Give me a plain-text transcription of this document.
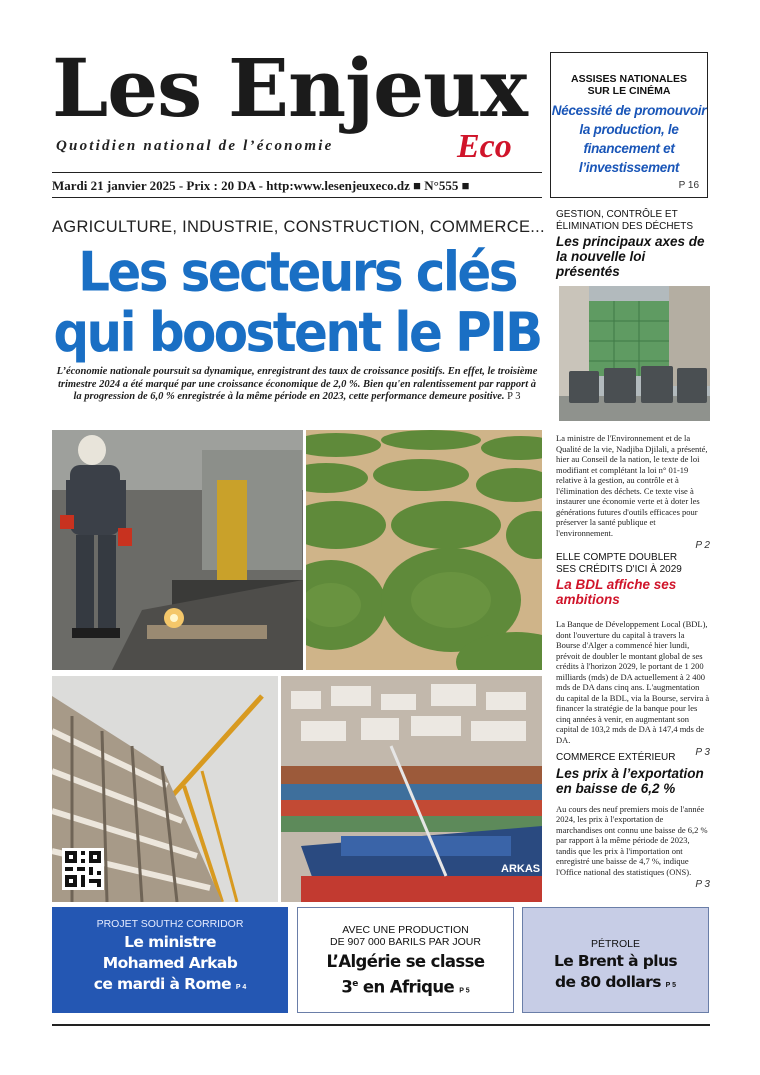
Les Enjeux
Quotidien national de l’économie	Eco
Mardi 21 janvier 2025 - Prix : 20 DA - http:www.lesenjeuxeco.dz ■ N°555 ■
ASSISES NATIONALES
SUR LE CINÉMA
Nécessité de promouvoir la production, le financement et l’investissement
P 16
AGRICULTURE, INDUSTRIE, CONSTRUCTION, COMMERCE...
Les secteurs clés
qui boostent le PIB
L’économie nationale poursuit sa dynamique, enregistrant des taux de croissance positifs. En effet, le troisième trimestre 2024 a été marqué par une croissance économique de 2,0 %. Bien qu'en ralentissement par rapport à la progression de 6,0 % enregistrée à la même période en 2023, cette performance demeure positive. P 3
ARKAS
GESTION, CONTRÔLE ET
ÉLIMINATION DES DÉCHETS
Les principaux axes de la nouvelle loi présentés
La ministre de l'Environnement et de la Qualité de la vie, Nadjiba Djilali, a présenté, hier au Conseil de la nation, le texte de loi modifiant et complétant la loi n° 01-19 relative à la gestion, au contrôle et à l'élimination des déchets. Ce texte vise à instaurer une économie verte et à doter les générations futures d'outils efficaces pour préserver la santé publique et l'environnement.
P 2
ELLE COMPTE DOUBLER
SES CRÉDITS D'ICI À 2029
La BDL affiche ses ambitions
La Banque de Développement Local (BDL), dont l'ouverture du capital à travers la Bourse d'Alger a commencé hier lundi, prévoit de doubler le montant global de ses crédits à l'horizon 2029, le portant de 1 200 milliards (mds) de DA actuellement à 2 400 mds de DA dans cinq ans. L'augmentation du capital de la BDL, via la Bourse, servira à financer la stratégie de la banque pour les cinq années à venir, en augmentant son capital de 103,2 mds de DA à 147,4 mds de DA.
P 3
COMMERCE EXTÉRIEUR
Les prix à l’exportation en baisse de 6,2 %
Au cours des neuf premiers mois de l'année 2024, les prix à l'exportation de marchandises ont connu une baisse de 6,2 % par rapport à la même période de 2023, tandis que les prix à l'importation ont enregistré une baisse de 4,7 %, indique l'Office national des statistiques (ONS).
P 3
PROJET SOUTH2 CORRIDOR
Le ministre
Mohamed Arkab
ce mardi à Rome P 4
AVEC UNE PRODUCTION
DE 907 000 BARILS PAR JOUR
L’Algérie se classe
3e en Afrique P 5
PÉTROLE
Le Brent à plus
de 80 dollars P 5
